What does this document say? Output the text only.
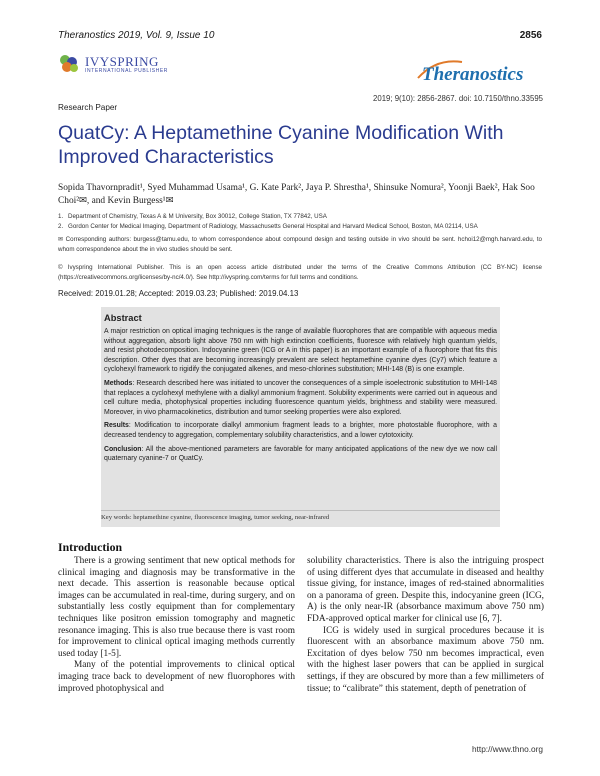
Theranostics 2019, Vol. 9, Issue 10	2856
IVYSPRING
INTERNATIONAL PUBLISHER	Theranostics
2019; 9(10): 2856-2867. doi: 10.7150/thno.33595
Research Paper
QuatCy: A Heptamethine Cyanine Modification With Improved Characteristics
Sopida Thavornpradit¹, Syed Muhammad Usama¹, G. Kate Park², Jaya P. Shrestha¹, Shinsuke Nomura², Yoonji Baek², Hak Soo Choi²✉, and Kevin Burgess¹✉
1. Department of Chemistry, Texas A & M University, Box 30012, College Station, TX 77842, USA
2. Gordon Center for Medical Imaging, Department of Radiology, Massachusetts General Hospital and Harvard Medical School, Boston, MA 02114, USA
✉ Corresponding authors: burgess@tamu.edu, to whom correspondence about compound design and testing outside in vivo should be sent. hchoi12@mgh.harvard.edu, to whom correspondence about the in vivo studies should be sent.
© Ivyspring International Publisher. This is an open access article distributed under the terms of the Creative Commons Attribution (CC BY-NC) license (https://creativecommons.org/licenses/by-nc/4.0/). See http://ivyspring.com/terms for full terms and conditions.
Received: 2019.01.28; Accepted: 2019.03.23; Published: 2019.04.13
Abstract

A major restriction on optical imaging techniques is the range of available fluorophores that are compatible with aqueous media without aggregation, absorb light above 750 nm with high extinction coefficients, fluoresce with relatively high quantum yields, and resist photodecomposition. Indocyanine green (ICG or A in this paper) is an important example of a fluorophore that fits this description. Other dyes that are becoming increasingly prevalent are select heptamethine cyanine dyes (Cy7) which feature a cyclohexyl framework to rigidify the conjugated alkenes, and meso-chlorines substitution; MHI-148 (B) is one example.

Methods: Research described here was initiated to uncover the consequences of a simple isoelectronic substitution to MHI-148 that replaces a cyclohexyl methylene with a dialkyl ammonium fragment. Solubility experiments were carried out in aqueous and cell culture media, photophysical properties including fluorescence quantum yields, brightness and stability were measured. Moreover, in vivo pharmacokinetics, distribution and tumor seeking properties were also explored.

Results: Modification to incorporate dialkyl ammonium fragment leads to a brighter, more photostable fluorophore, with a decreased tendency to aggregation, complementary solubility characteristics, and a lower cytotoxicity.

Conclusion: All the above-mentioned parameters are favorable for many anticipated applications of the new dye we now call quaternary cyanine-7 or QuatCy.

Key words: heptamethine cyanine, fluorescence imaging, tumor seeking, near-infrared
Introduction

There is a growing sentiment that new optical methods for clinical imaging and diagnosis may be transformative in the next decade. This assertion is reasonable because optical images can be accumulated in real-time, during surgery, and on substantially less costly equipment than for complementary techniques like positron emission tomography and magnetic resonance imaging. This is also true because there is vast room for improvement to clinical optical imaging methods currently used today [1-5].

Many of the potential improvements to clinical optical imaging trace back to development of new fluorophores with improved photophysical and

solubility characteristics. There is also the intriguing prospect of using different dyes that accumulate in diseased and healthy tissue giving, for instance, images of red-stained abnormalities on a panorama of green. Despite this, indocyanine green (ICG, A) is the only near-IR (absorbance maximum above 750 nm) FDA-approved optical marker for clinical use [6, 7].

ICG is widely used in surgical procedures because it is fluorescent with an absorbance maximum above 750 nm. Excitation of dyes below 750 nm becomes impractical, even with the highest laser powers that can be applied in surgical settings, if they are obscured by more than a few millimeters of tissue; to “calibrate” this statement, depth of penetration of

http://www.thno.org
